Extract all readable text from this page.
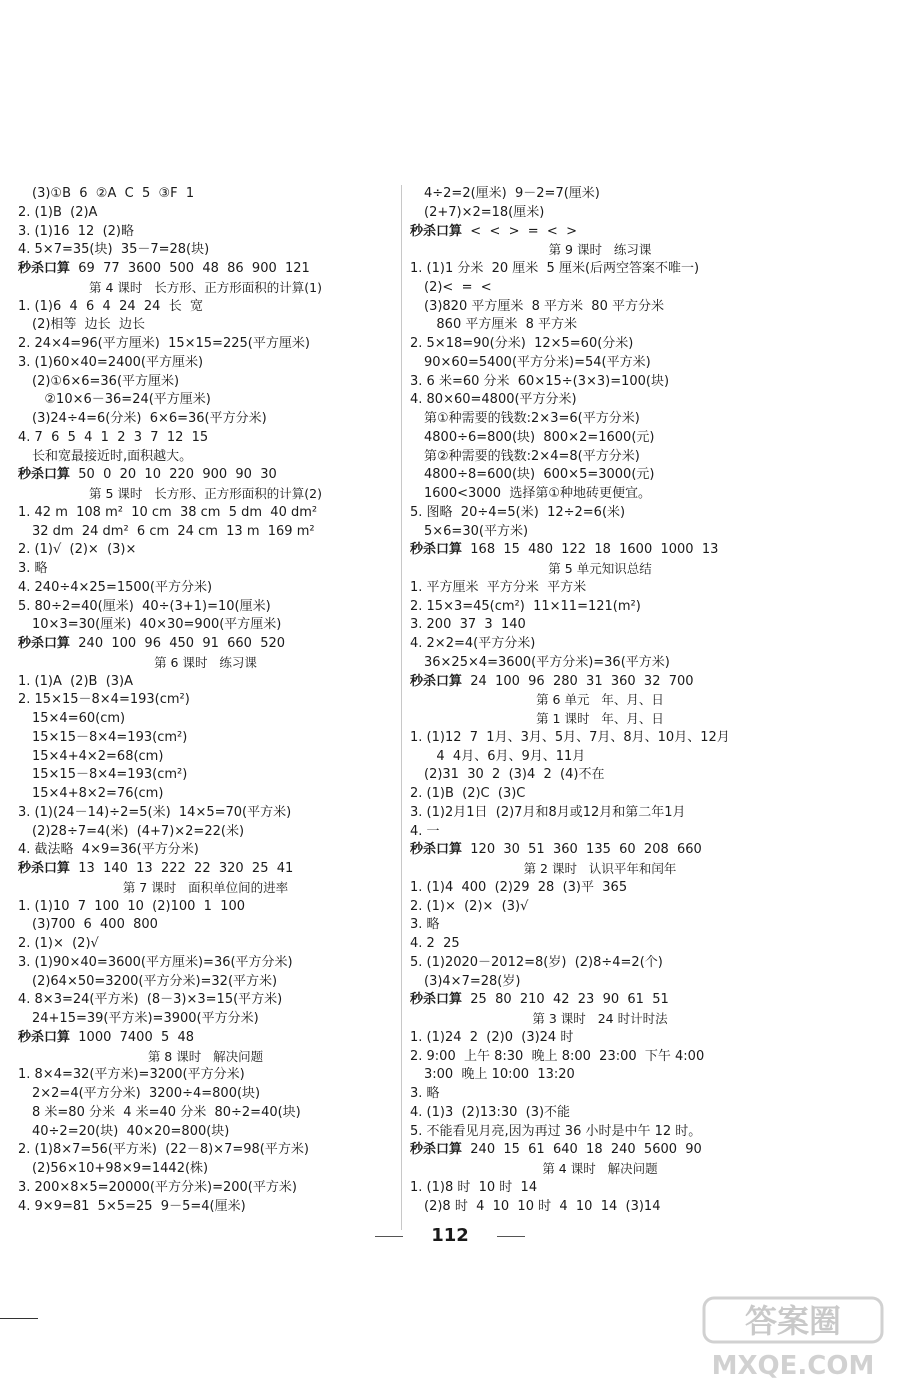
(3)①B  6  ②A  C  5  ③F  1
2. (1)B  (2)A
3. (1)16  12  (2)略
4. 5×7=35(块)  35－7=28(块)
秒杀口算  69  77  3600  500  48  86  900  121
第 4 课时   长方形、正方形面积的计算(1)
1. (1)6  4  6  4  24  24  长  宽
(2)相等  边长  边长
2. 24×4=96(平方厘米)  15×15=225(平方厘米)
3. (1)60×40=2400(平方厘米)
(2)①6×6=36(平方厘米)
②10×6－36=24(平方厘米)
(3)24÷4=6(分米)  6×6=36(平方分米)
4. 7  6  5  4  1  2  3  7  12  15
长和宽最接近时,面积越大。
秒杀口算  50  0  20  10  220  900  90  30
第 5 课时   长方形、正方形面积的计算(2)
1. 42 m  108 m²  10 cm  38 cm  5 dm  40 dm²
32 dm  24 dm²  6 cm  24 cm  13 m  169 m²
2. (1)√  (2)×  (3)×
3. 略
4. 240÷4×25=1500(平方分米)
5. 80÷2=40(厘米)  40÷(3+1)=10(厘米)
10×3=30(厘米)  40×30=900(平方厘米)
秒杀口算  240  100  96  450  91  660  520
第 6 课时   练习课
1. (1)A  (2)B  (3)A
2. 15×15－8×4=193(cm²)
15×4=60(cm)
15×15－8×4=193(cm²)
15×4+4×2=68(cm)
15×15－8×4=193(cm²)
15×4+8×2=76(cm)
3. (1)(24－14)÷2=5(米)  14×5=70(平方米)
(2)28÷7=4(米)  (4+7)×2=22(米)
4. 截法略  4×9=36(平方分米)
秒杀口算  13  140  13  222  22  320  25  41
第 7 课时   面积单位间的进率
1. (1)10  7  100  10  (2)100  1  100
(3)700  6  400  800
2. (1)×  (2)√
3. (1)90×40=3600(平方厘米)=36(平方分米)
(2)64×50=3200(平方分米)=32(平方米)
4. 8×3=24(平方米)  (8－3)×3=15(平方米)
24+15=39(平方米)=3900(平方分米)
秒杀口算  1000  7400  5  48
第 8 课时   解决问题
1. 8×4=32(平方米)=3200(平方分米)
2×2=4(平方分米)  3200÷4=800(块)
8 米=80 分米  4 米=40 分米  80÷2=40(块)
40÷2=20(块)  40×20=800(块)
2. (1)8×7=56(平方米)  (22－8)×7=98(平方米)
(2)56×10+98×9=1442(株)
3. 200×8×5=20000(平方分米)=200(平方米)
4. 9×9=81  5×5=25  9－5=4(厘米)
4÷2=2(厘米)  9－2=7(厘米)
(2+7)×2=18(厘米)
秒杀口算  <  <  >  =  <  >
第 9 课时   练习课
1. (1)1 分米  20 厘米  5 厘米(后两空答案不唯一)
(2)<  =  <
(3)820 平方厘米  8 平方米  80 平方分米
860 平方厘米  8 平方米
2. 5×18=90(分米)  12×5=60(分米)
90×60=5400(平方分米)=54(平方米)
3. 6 米=60 分米  60×15÷(3×3)=100(块)
4. 80×60=4800(平方分米)
第①种需要的钱数:2×3=6(平方分米)
4800÷6=800(块)  800×2=1600(元)
第②种需要的钱数:2×4=8(平方分米)
4800÷8=600(块)  600×5=3000(元)
1600<3000  选择第①种地砖更便宜。
5. 图略  20÷4=5(米)  12÷2=6(米)
5×6=30(平方米)
秒杀口算  168  15  480  122  18  1600  1000  13
第 5 单元知识总结
1. 平方厘米  平方分米  平方米
2. 15×3=45(cm²)  11×11=121(m²)
3. 200  37  3  140
4. 2×2=4(平方分米)
36×25×4=3600(平方分米)=36(平方米)
秒杀口算  24  100  96  280  31  360  32  700
第 6 单元   年、月、日
第 1 课时   年、月、日
1. (1)12  7  1月、3月、5月、7月、8月、10月、12月
4  4月、6月、9月、11月
(2)31  30  2  (3)4  2  (4)不在
2. (1)B  (2)C  (3)C
3. (1)2月1日  (2)7月和8月或12月和第二年1月
4. 一
秒杀口算  120  30  51  360  135  60  208  660
第 2 课时   认识平年和闰年
1. (1)4  400  (2)29  28  (3)平  365
2. (1)×  (2)×  (3)√
3. 略
4. 2  25
5. (1)2020－2012=8(岁)  (2)8÷4=2(个)
(3)4×7=28(岁)
秒杀口算  25  80  210  42  23  90  61  51
第 3 课时   24 时计时法
1. (1)24  2  (2)0  (3)24 时
2. 9:00  上午 8:30  晚上 8:00  23:00  下午 4:00
3:00  晚上 10:00  13:20
3. 略
4. (1)3  (2)13:30  (3)不能
5. 不能看见月亮,因为再过 36 小时是中午 12 时。
秒杀口算  240  15  61  640  18  240  5600  90
第 4 课时   解决问题
1. (1)8 时  10 时  14
(2)8 时  4  10  10 时  4  10  14  (3)14
112
答案圈
MXQE.COM
